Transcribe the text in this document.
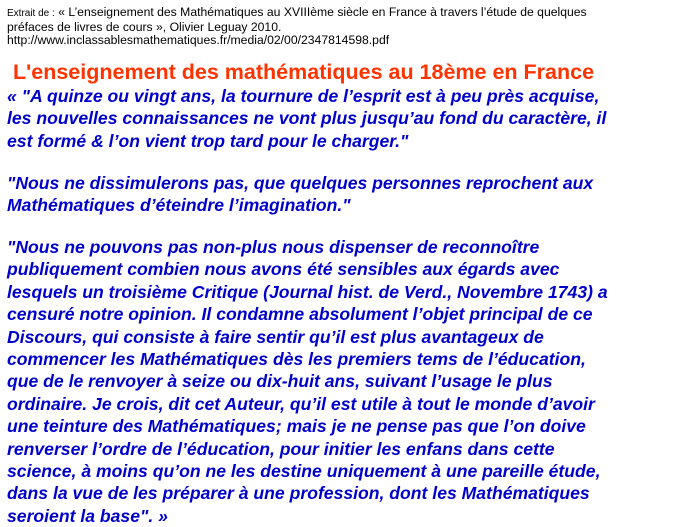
Extrait de : « L’enseignement des Mathématiques au XVIIIème siècle en France à travers l’étude de quelques
préfaces de livres de cours », Olivier Leguay 2010.
http://www.inclassablesmathematiques.fr/media/02/00/2347814598.pdf
L'enseignement des mathématiques au 18ème en France

« "A quinze ou vingt ans, la tournure de l’esprit est à peu près acquise,
les nouvelles connaissances ne vont plus jusqu’au fond du caractère, il
est formé & l’on vient trop tard pour le charger."

"Nous ne dissimulerons pas, que quelques personnes reprochent aux
Mathématiques d’éteindre l’imagination."

"Nous ne pouvons pas non-plus nous dispenser de reconnoître
publiquement combien nous avons été sensibles aux égards avec
lesquels un troisième Critique (Journal hist. de Verd., Novembre 1743) a
censuré notre opinion. Il condamne absolument l’objet principal de ce
Discours, qui consiste à faire sentir qu’il est plus avantageux de
commencer les Mathématiques dès les premiers tems de l’éducation,
que de le renvoyer à seize ou dix-huit ans, suivant l’usage le plus
ordinaire. Je crois, dit cet Auteur, qu’il est utile à tout le monde d’avoir
une teinture des Mathématiques; mais je ne pense pas que l’on doive
renverser l’ordre de l’éducation, pour initier les enfans dans cette
science, à moins qu’on ne les destine uniquement à une pareille étude,
dans la vue de les préparer à une profession, dont les Mathématiques
seroient la base". »
